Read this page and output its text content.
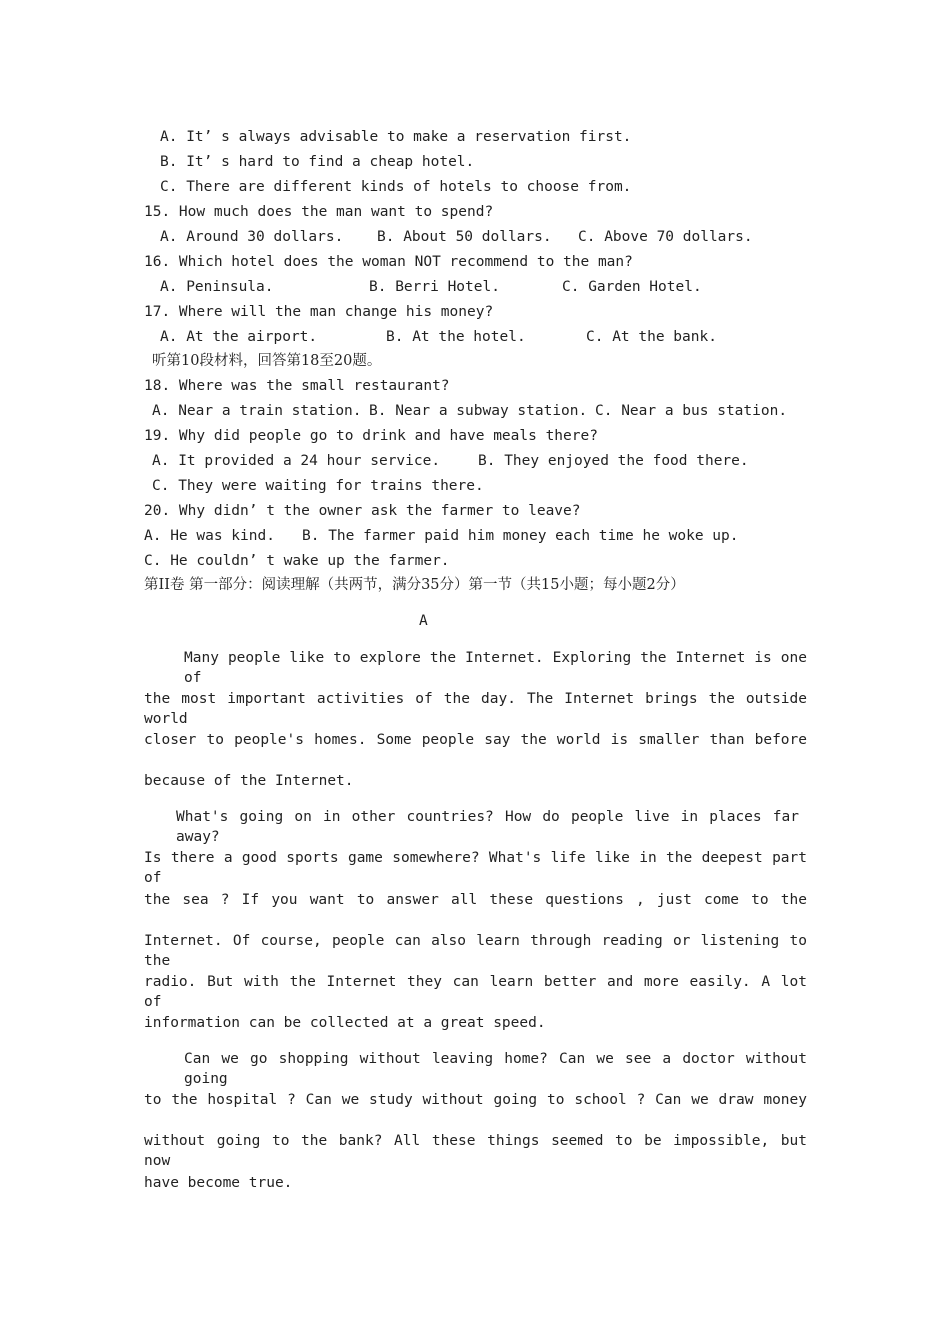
A. It’ s always advisable to make a reservation first.
B. It’ s hard to find a cheap hotel.
C. There are different kinds of hotels to choose from.
15. How much does the man want to spend?
A. Around 30 dollars. B. About 50 dollars. C. Above 70 dollars.
16. Which hotel does the woman NOT recommend to the man?
A. Peninsula.	B. Berri Hotel.	C. Garden Hotel.
17. Where will the man change his money?
A. At the airport.	B. At the hotel.	C. At the bank.
听第10段材料，回答第18至20题。
18. Where was the small restaurant?
A. Near a train station. B. Near a subway station. C. Near a bus station.
19. Why did people go to drink and have meals there?
A. It provided a 24 hour service.	B. They enjoyed the food there.
C. They were waiting for trains there.
20. Why didn’ t the owner ask the farmer to leave?
A. He was kind. B. The farmer paid him money each time he woke up.
C. He couldn’ t wake up the farmer.
第II卷 第一部分：阅读理解（共两节，满分35分）第一节（共15小题；每小题2分）
A
Many people like to explore the Internet. Exploring the Internet is one of
the most important activities of the day. The Internet brings the outside world
closer to people's homes. Some people say the world is smaller than before
because of the Internet.
What's going on in other countries? How do people live in places far away?
Is there a good sports game somewhere? What's life like in the deepest part of
the sea ? If you want to answer all these questions , just come to the
Internet. Of course, people can also learn through reading or listening to the
radio. But with the Internet they can learn better and more easily. A lot of
information can be collected at a great speed.
Can we go shopping without leaving home? Can we see a doctor without going
to the hospital ? Can we study without going to school ? Can we draw money
without going to the bank? All these things seemed to be impossible, but now
have become true.
